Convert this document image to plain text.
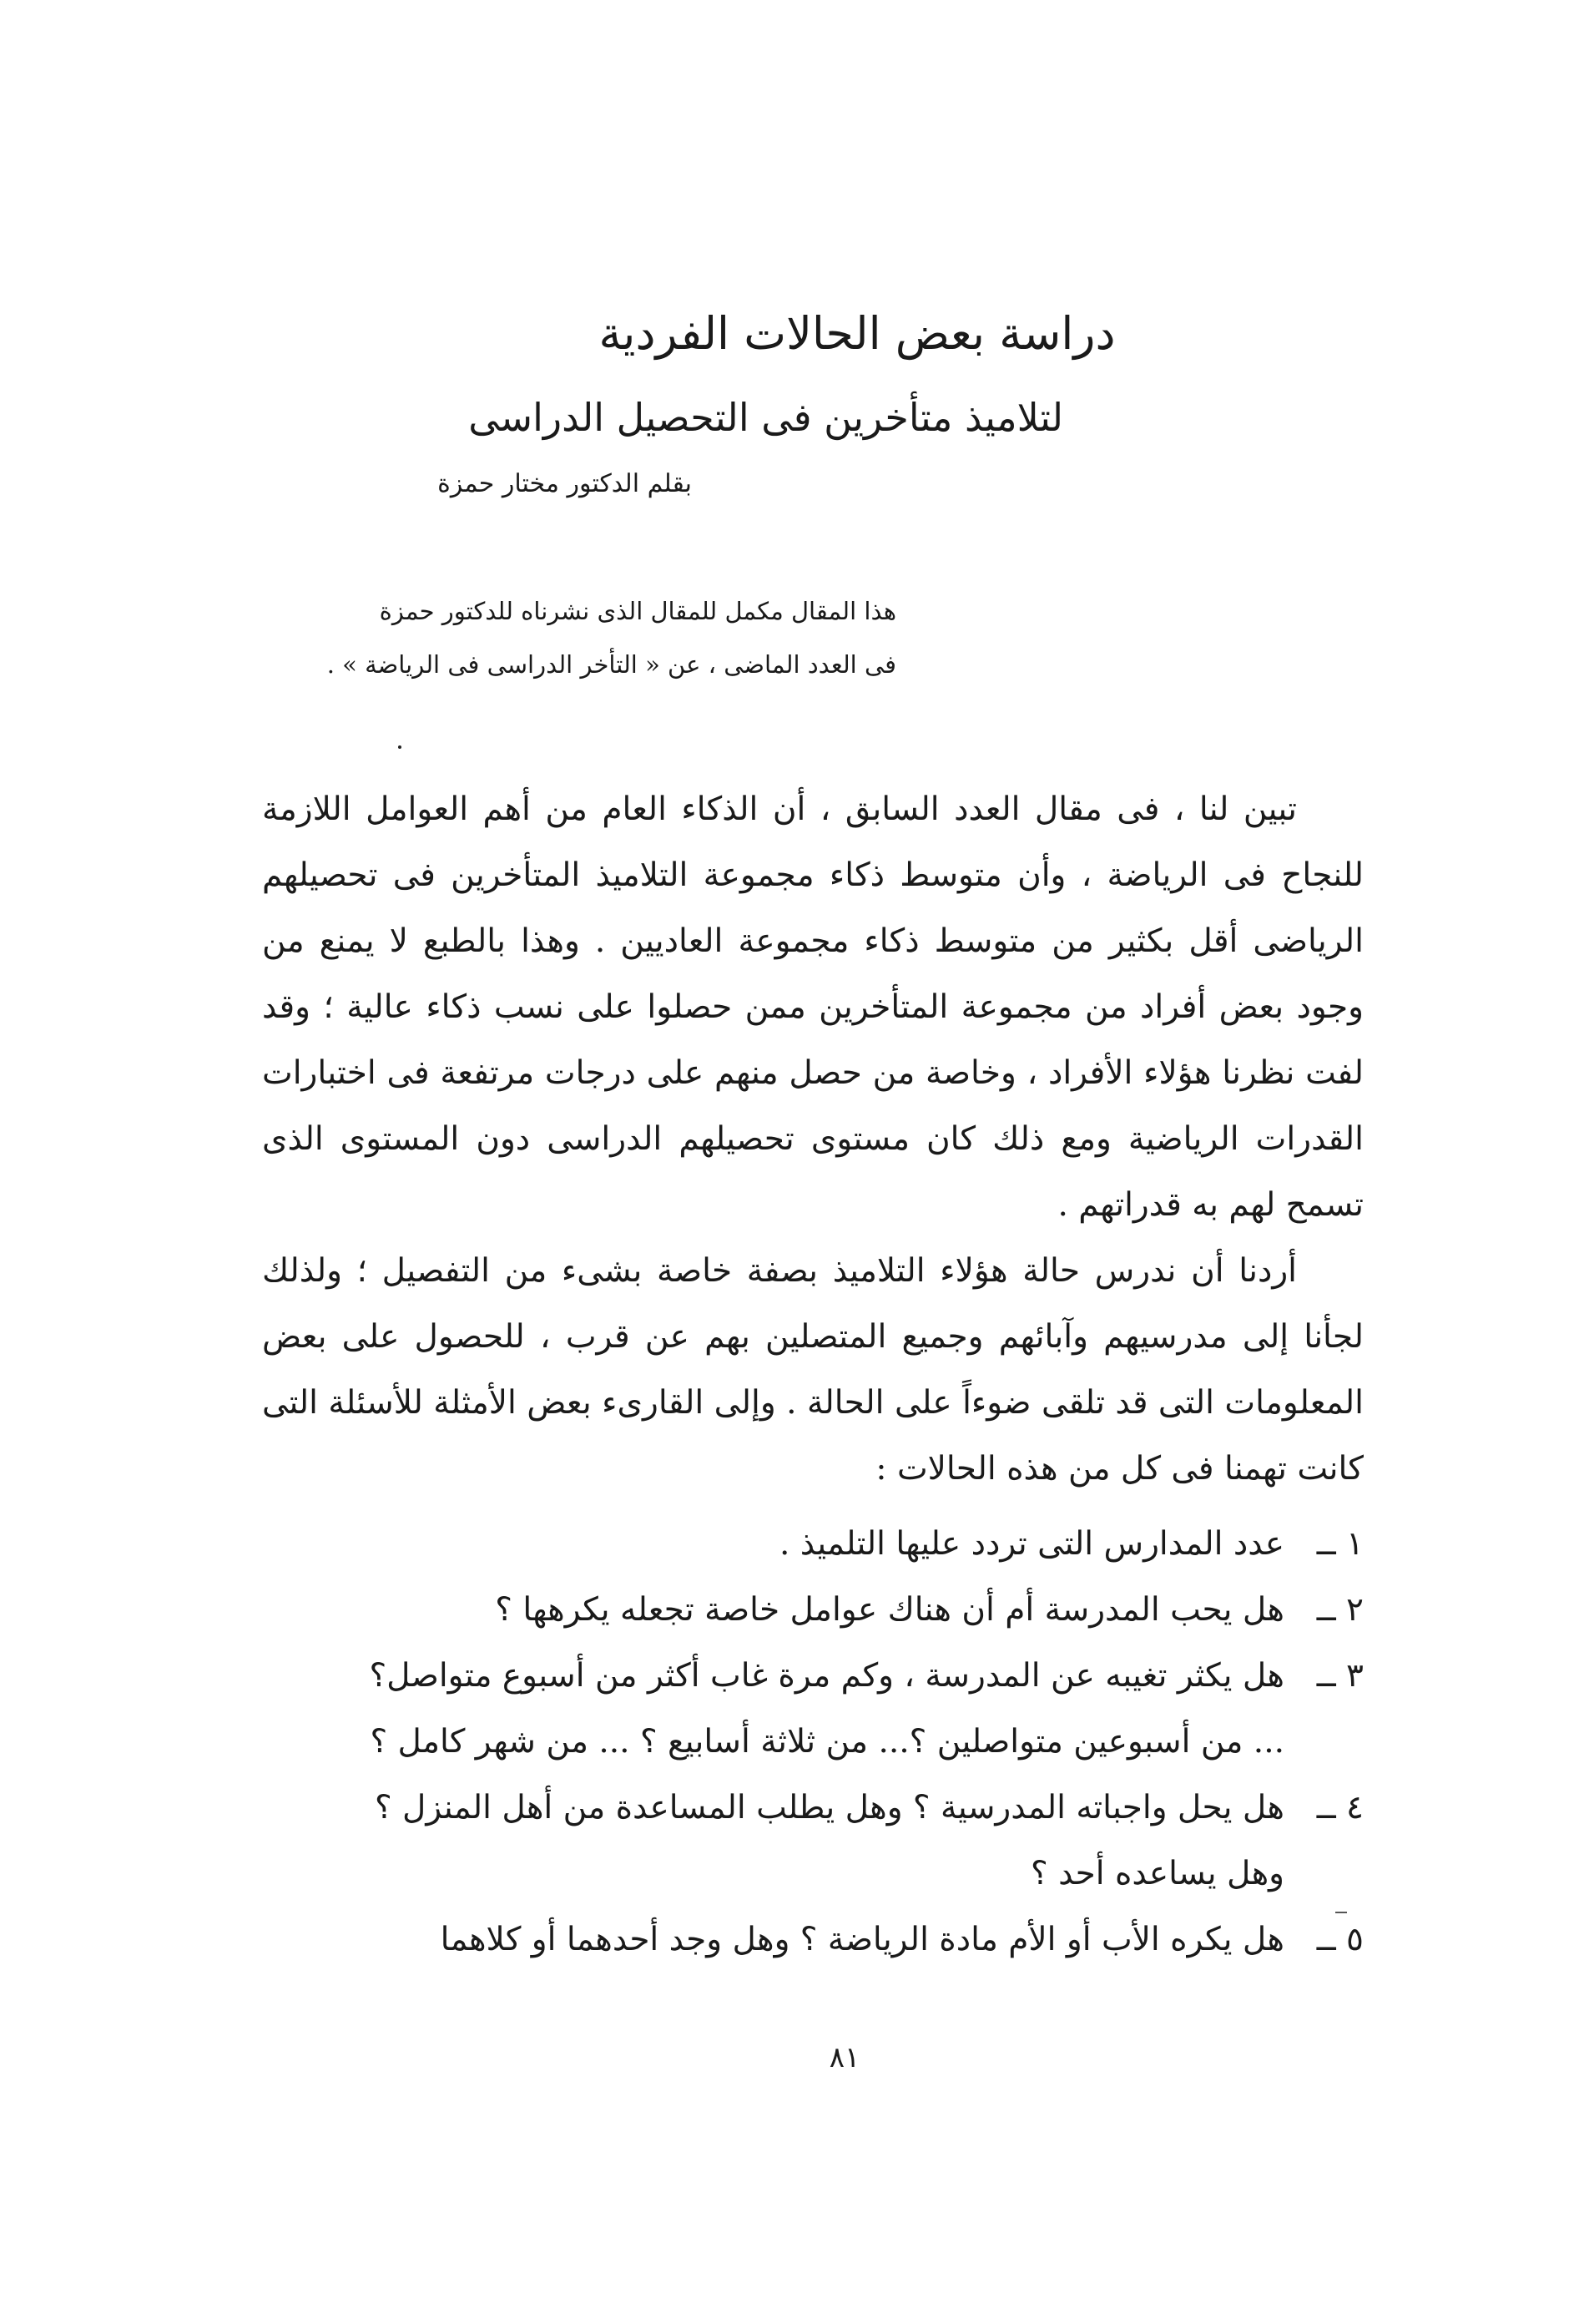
دراسة بعض الحالات الفردية
لتلاميذ متأخرين فى التحصيل الدراسى
بقلم الدكتور مختار حمزة

هذا المقال مكمل للمقال الذى نشرناه للدكتور حمزة

فى العدد الماضى ، عن « التأخر الدراسى فى الرياضة » .

تبين لنا ، فى مقال العدد السابق ، أن الذكاء العام من أهم العوامل اللازمة للنجاح فى الرياضة ، وأن متوسط ذكاء مجموعة التلاميذ المتأخرين فى تحصيلهم الرياضى أقل بكثير من متوسط ذكاء مجموعة العاديين . وهذا بالطبع لا يمنع من وجود بعض أفراد من مجموعة المتأخرين ممن حصلوا على نسب ذكاء عالية ؛ وقد لفت نظرنا هؤلاء الأفراد ، وخاصة من حصل منهم على درجات مرتفعة فى اختبارات القدرات الرياضية ومع ذلك كان مستوى تحصيلهم الدراسى دون المستوى الذى تسمح لهم به قدراتهم .

أردنا أن ندرس حالة هؤلاء التلاميذ بصفة خاصة بشىء من التفصيل ؛ ولذلك لجأنا إلى مدرسيهم وآبائهم وجميع المتصلين بهم عن قرب ، للحصول على بعض المعلومات التى قد تلقى ضوءاً على الحالة . وإلى القارىء بعض الأمثلة للأسئلة التى كانت تهمنا فى كل من هذه الحالات :

١ ــعدد المدارس التى تردد عليها التلميذ .
٢ ــهل يحب المدرسة أم أن هناك عوامل خاصة تجعله يكرهها ؟
٣ ــهل يكثر تغيبه عن المدرسة ، وكم مرة غاب أكثر من أسبوع متواصل؟
... من أسبوعين متواصلين ؟... من ثلاثة أسابيع ؟ ... من شهر كامل ؟
٤ ــهل يحل واجباته المدرسية ؟ وهل يطلب المساعدة من أهل المنزل ؟
وهل يساعده أحد ؟
٥ ــهل يكره الأب أو الأم مادة الرياضة ؟ وهل وجد أحدهما أو كلاهما
٨١
